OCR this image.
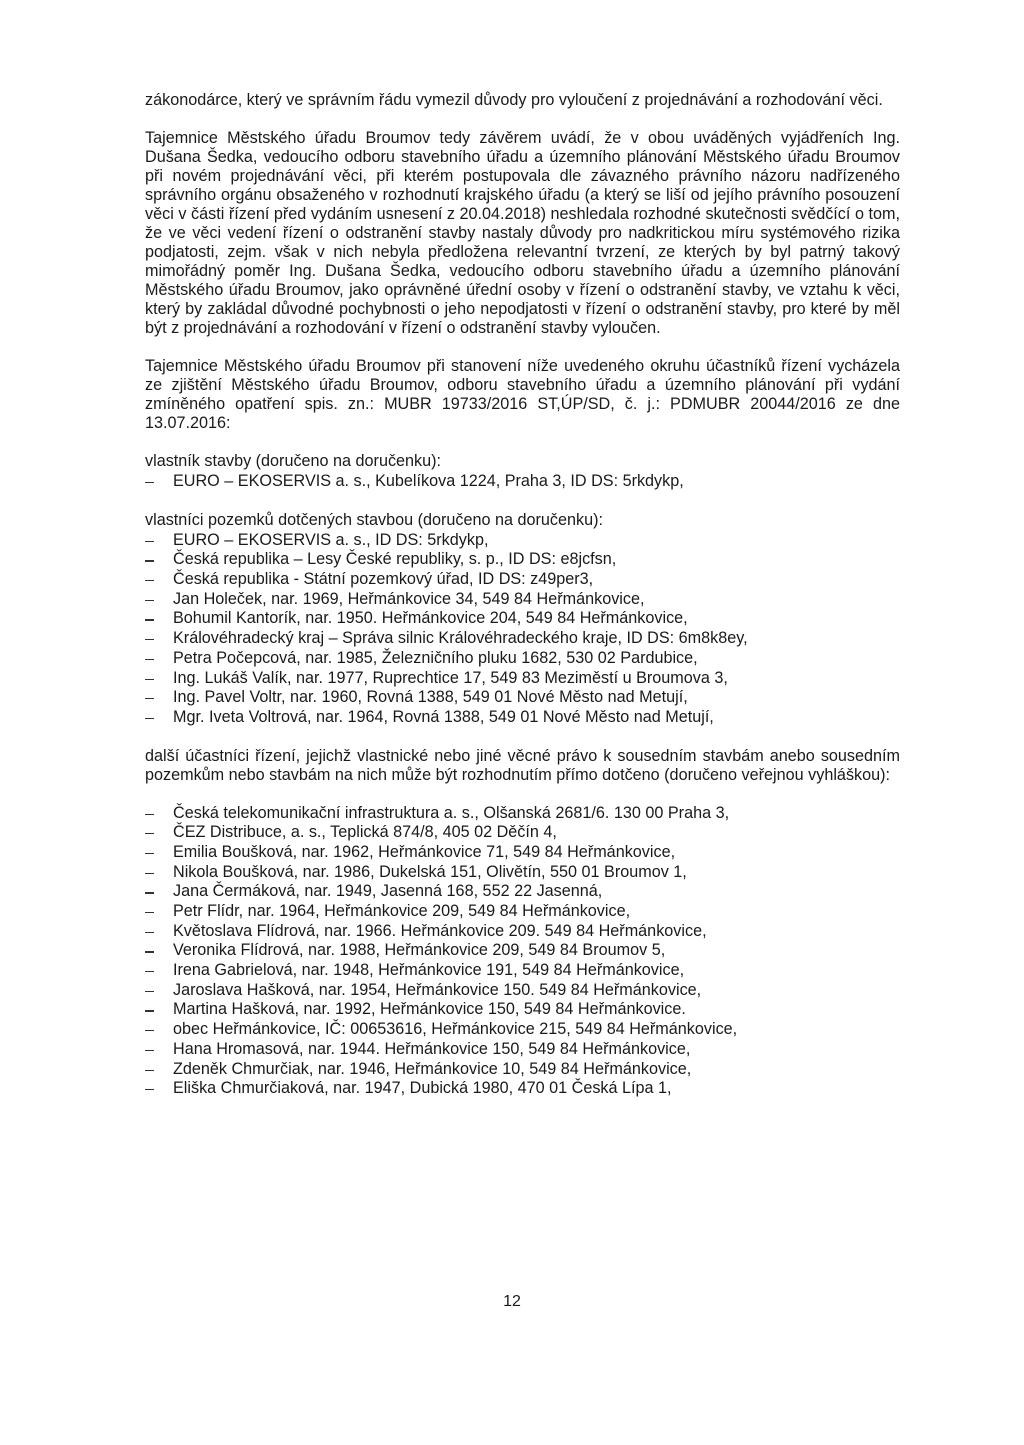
zákonodárce, který ve správním řádu vymezil důvody pro vyloučení z projednávání a rozhodování věci.

Tajemnice Městského úřadu Broumov tedy závěrem uvádí, že v obou uváděných vyjádřeních Ing. Dušana Šedka, vedoucího odboru stavebního úřadu a územního plánování Městského úřadu Broumov při novém projednávání věci, při kterém postupovala dle závazného právního názoru nadřízeného správního orgánu obsaženého v rozhodnutí krajského úřadu (a který se liší od jejího právního posouzení věci v části řízení před vydáním usnesení z 20.04.2018) neshledala rozhodné skutečnosti svědčící o tom, že ve věci vedení řízení o odstranění stavby nastaly důvody pro nadkritickou míru systémového rizika podjatosti, zejm. však v nich nebyla předložena relevantní tvrzení, ze kterých by byl patrný takový mimořádný poměr Ing. Dušana Šedka, vedoucího odboru stavebního úřadu a územního plánování Městského úřadu Broumov, jako oprávněné úřední osoby v řízení o odstranění stavby, ve vztahu k věci, který by zakládal důvodné pochybnosti o jeho nepodjatosti v řízení o odstranění stavby, pro které by měl být z projednávání a rozhodování v řízení o odstranění stavby vyloučen.

Tajemnice Městského úřadu Broumov při stanovení níže uvedeného okruhu účastníků řízení vycházela ze zjištění Městského úřadu Broumov, odboru stavebního úřadu a územního plánování při vydání zmíněného opatření spis. zn.: MUBR 19733/2016 ST,ÚP/SD, č. j.: PDMUBR 20044/2016 ze dne 13.07.2016:

vlastník stavby (doručeno na doručenku):

EURO – EKOSERVIS a. s., Kubelíkova 1224, Praha 3, ID DS: 5rkdykp,

vlastníci pozemků dotčených stavbou (doručeno na doručenku):

EURO – EKOSERVIS a. s., ID DS: 5rkdykp,
Česká republika – Lesy České republiky, s. p., ID DS: e8jcfsn,
Česká republika - Státní pozemkový úřad, ID DS: z49per3,
Jan Holeček, nar. 1969, Heřmánkovice 34, 549 84 Heřmánkovice,
Bohumil Kantorík, nar. 1950. Heřmánkovice 204, 549 84 Heřmánkovice,
Královéhradecký kraj – Správa silnic Královéhradeckého kraje, ID DS: 6m8k8ey,
Petra Počepcová, nar. 1985, Železničního pluku 1682, 530 02 Pardubice,
Ing. Lukáš Valík, nar. 1977, Ruprechtice 17, 549 83 Meziměstí u Broumova 3,
Ing. Pavel Voltr, nar. 1960, Rovná 1388, 549 01 Nové Město nad Metují,
Mgr. Iveta Voltrová, nar. 1964, Rovná 1388, 549 01 Nové Město nad Metují,

další účastníci řízení, jejichž vlastnické nebo jiné věcné právo k sousedním stavbám anebo sousedním pozemkům nebo stavbám na nich může být rozhodnutím přímo dotčeno (doručeno veřejnou vyhláškou):

Česká telekomunikační infrastruktura a. s., Olšanská 2681/6. 130 00 Praha 3,
ČEZ Distribuce, a. s., Teplická 874/8, 405 02 Děčín 4,
Emilia Boušková, nar. 1962, Heřmánkovice 71, 549 84 Heřmánkovice,
Nikola Boušková, nar. 1986, Dukelská 151, Olivětín, 550 01 Broumov 1,
Jana Čermáková, nar. 1949, Jasenná 168, 552 22 Jasenná,
Petr Flídr, nar. 1964, Heřmánkovice 209, 549 84 Heřmánkovice,
Květoslava Flídrová, nar. 1966. Heřmánkovice 209. 549 84 Heřmánkovice,
Veronika Flídrová, nar. 1988, Heřmánkovice 209, 549 84 Broumov 5,
Irena Gabrielová, nar. 1948, Heřmánkovice 191, 549 84 Heřmánkovice,
Jaroslava Hašková, nar. 1954, Heřmánkovice 150. 549 84 Heřmánkovice,
Martina Hašková, nar. 1992, Heřmánkovice 150, 549 84 Heřmánkovice.
obec Heřmánkovice, IČ: 00653616, Heřmánkovice 215, 549 84 Heřmánkovice,
Hana Hromasová, nar. 1944. Heřmánkovice 150, 549 84 Heřmánkovice,
Zdeněk Chmurčiak, nar. 1946, Heřmánkovice 10, 549 84 Heřmánkovice,
Eliška Chmurčiaková, nar. 1947, Dubická 1980, 470 01 Česká Lípa 1,
12
